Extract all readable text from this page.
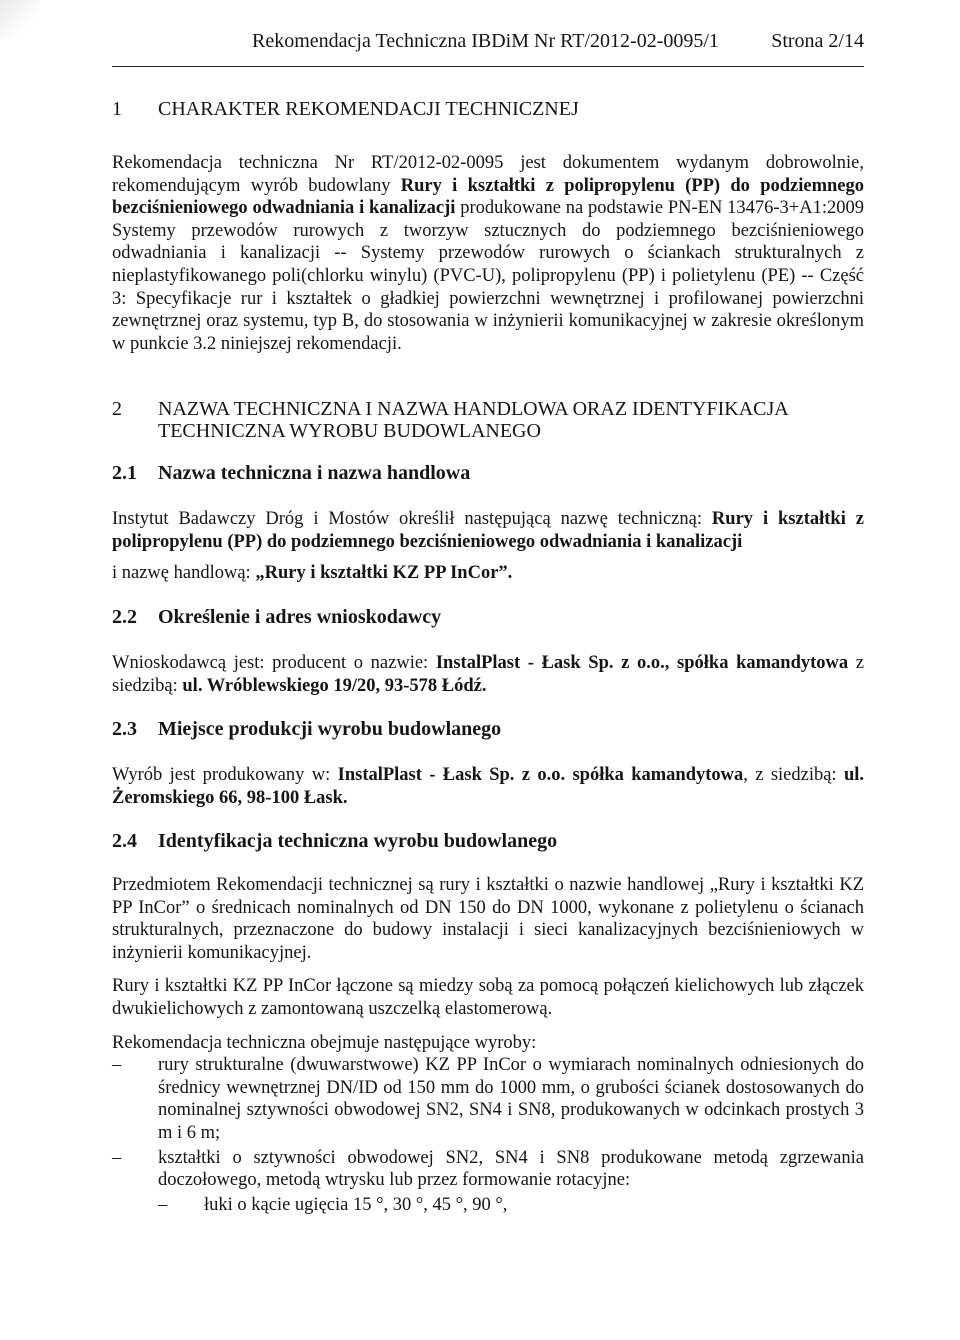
Rekomendacja Techniczna IBDiM Nr RT/2012-02-0095/1	Strona 2/14
1 CHARAKTER REKOMENDACJI TECHNICZNEJ

Rekomendacja techniczna Nr RT/2012-02-0095 jest dokumentem wydanym dobrowolnie, rekomendującym wyrób budowlany Rury i kształtki z polipropylenu (PP) do podziemnego bezciśnieniowego odwadniania i kanalizacji produkowane na podstawie PN-EN 13476-3+A1:2009 Systemy przewodów rurowych z tworzyw sztucznych do podziemnego bezciśnieniowego odwadniania i kanalizacji -- Systemy przewodów rurowych o ściankach strukturalnych z nieplastyfikowanego poli(chlorku winylu) (PVC-U), polipropylenu (PP) i polietylenu (PE) -- Część 3: Specyfikacje rur i kształtek o gładkiej powierzchni wewnętrznej i profilowanej powierzchni zewnętrznej oraz systemu, typ B, do stosowania w inżynierii komunikacyjnej w zakresie określonym w punkcie 3.2 niniejszej rekomendacji.

2 NAZWA TECHNICZNA I NAZWA HANDLOWA ORAZ IDENTYFIKACJA TECHNICZNA WYROBU BUDOWLANEGO
2.1 Nazwa techniczna i nazwa handlowa

Instytut Badawczy Dróg i Mostów określił następującą nazwę techniczną: Rury i kształtki z polipropylenu (PP) do podziemnego bezciśnieniowego odwadniania i kanalizacji

i nazwę handlową: „Rury i kształtki KZ PP InCor”.

2.2 Określenie i adres wnioskodawcy

Wnioskodawcą jest: producent o nazwie: InstalPlast - Łask Sp. z o.o., spółka kamandytowa z siedzibą: ul. Wróblewskiego 19/20, 93-578 Łódź.

2.3 Miejsce produkcji wyrobu budowlanego

Wyrób jest produkowany w: InstalPlast - Łask Sp. z o.o. spółka kamandytowa, z siedzibą: ul. Żeromskiego 66, 98-100 Łask.

2.4 Identyfikacja techniczna wyrobu budowlanego

Przedmiotem Rekomendacji technicznej są rury i kształtki o nazwie handlowej „Rury i kształtki KZ PP InCor” o średnicach nominalnych od DN 150 do DN 1000, wykonane z polietylenu o ścianach strukturalnych, przeznaczone do budowy instalacji i sieci kanalizacyjnych bezciśnieniowych w inżynierii komunikacyjnej.

Rury i kształtki KZ PP InCor łączone są miedzy sobą za pomocą połączeń kielichowych lub złączek dwukielichowych z zamontowaną uszczelką elastomerową.

Rekomendacja techniczna obejmuje następujące wyroby:

– rury strukturalne (dwuwarstwowe) KZ PP InCor o wymiarach nominalnych odniesionych do średnicy wewnętrznej DN/ID od 150 mm do 1000 mm, o grubości ścianek dostosowanych do nominalnej sztywności obwodowej SN2, SN4 i SN8, produkowanych w odcinkach prostych 3 m i 6 m;
– kształtki o sztywności obwodowej SN2, SN4 i SN8 produkowane metodą zgrzewania doczołowego, metodą wtrysku lub przez formowanie rotacyjne:
– łuki o kącie ugięcia 15 °, 30 °, 45 °, 90 °,
